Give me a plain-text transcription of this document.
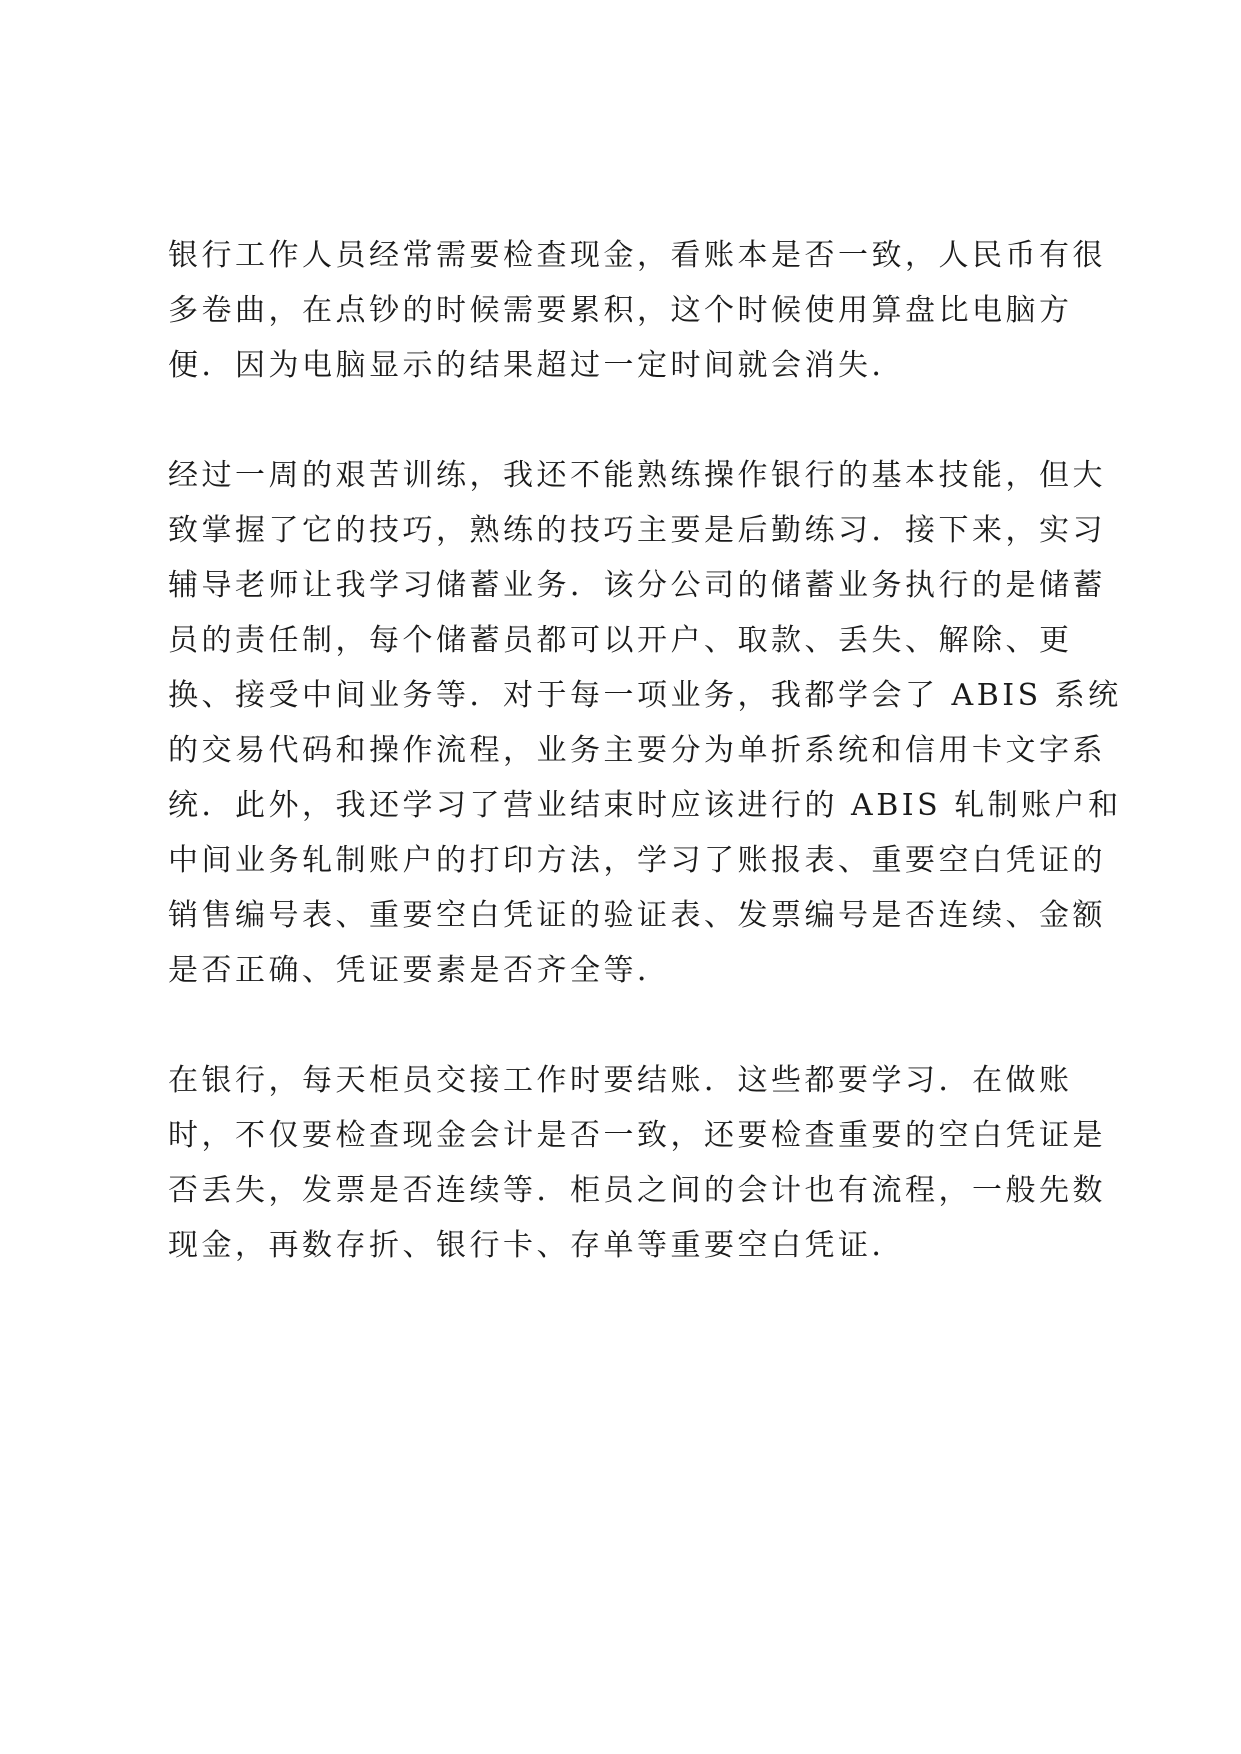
银行工作人员经常需要检查现金，看账本是否一致，人民币有很
多卷曲，在点钞的时候需要累积，这个时候使用算盘比电脑方
便．因为电脑显示的结果超过一定时间就会消失．

经过一周的艰苦训练，我还不能熟练操作银行的基本技能，但大
致掌握了它的技巧，熟练的技巧主要是后勤练习．接下来，实习
辅导老师让我学习储蓄业务．该分公司的储蓄业务执行的是储蓄
员的责任制，每个储蓄员都可以开户、取款、丢失、解除、更
换、接受中间业务等．对于每一项业务，我都学会了 ABIS 系统
的交易代码和操作流程，业务主要分为单折系统和信用卡文字系
统．此外，我还学习了营业结束时应该进行的 ABIS 轧制账户和
中间业务轧制账户的打印方法，学习了账报表、重要空白凭证的
销售编号表、重要空白凭证的验证表、发票编号是否连续、金额
是否正确、凭证要素是否齐全等．

在银行，每天柜员交接工作时要结账．这些都要学习．在做账
时，不仅要检查现金会计是否一致，还要检查重要的空白凭证是
否丢失，发票是否连续等．柜员之间的会计也有流程，一般先数
现金，再数存折、银行卡、存单等重要空白凭证．
